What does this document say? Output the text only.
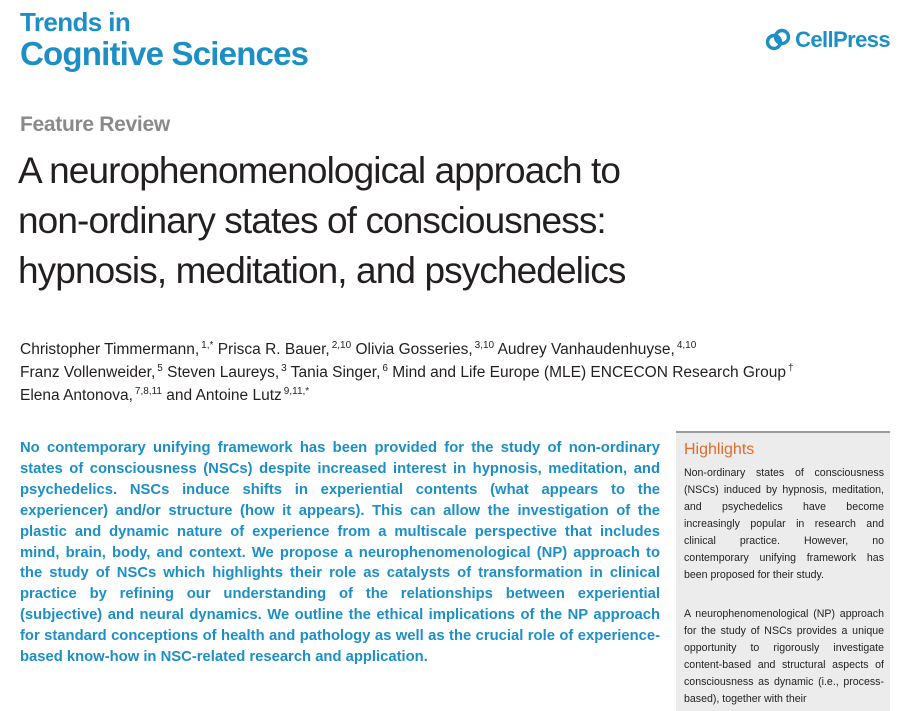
Trends in
Cognitive Sciences	CellPress
Feature Review
A neurophenomenological approach to
non-ordinary states of consciousness:
hypnosis, meditation, and psychedelics
Christopher Timmermann, $^{1,*}$ Prisca R. Bauer, $^{2,10}$ Olivia Gosseries, $^{3,10}$ Audrey Vanhaudenhuyse, $^{4,10}$
Franz Vollenweider, $^5$ Steven Laureys, $^3$ Tania Singer, $^6$ Mind and Life Europe (MLE) ENCECON Research Group †
Elena Antonova, $^{7,8,11}$ and Antoine Lutz $^{9,11,*}$

No contemporary unifying framework has been provided for the study of non-ordinary states of consciousness (NSCs) despite increased interest in hypnosis, meditation, and psychedelics. NSCs induce shifts in experiential contents (what appears to the experiencer) and/or structure (how it appears). This can allow the investigation of the plastic and dynamic nature of experience from a multiscale perspective that includes mind, brain, body, and context. We propose a neurophenomenological (NP) approach to the study of NSCs which highlights their role as catalysts of transformation in clinical practice by refining our understanding of the relationships between experiential (subjective) and neural dynamics. We outline the ethical implications of the NP approach for standard conceptions of health and pathology as well as the crucial role of experience-based know-how in NSC-related research and application.

Highlights

Non-ordinary states of consciousness (NSCs) induced by hypnosis, meditation, and psychedelics have become increasingly popular in research and clinical practice. However, no contemporary unifying framework has been proposed for their study.

A neurophenomenological (NP) approach for the study of NSCs provides a unique opportunity to rigorously investigate content-based and structural aspects of consciousness as dynamic (i.e., process-based), together with their
